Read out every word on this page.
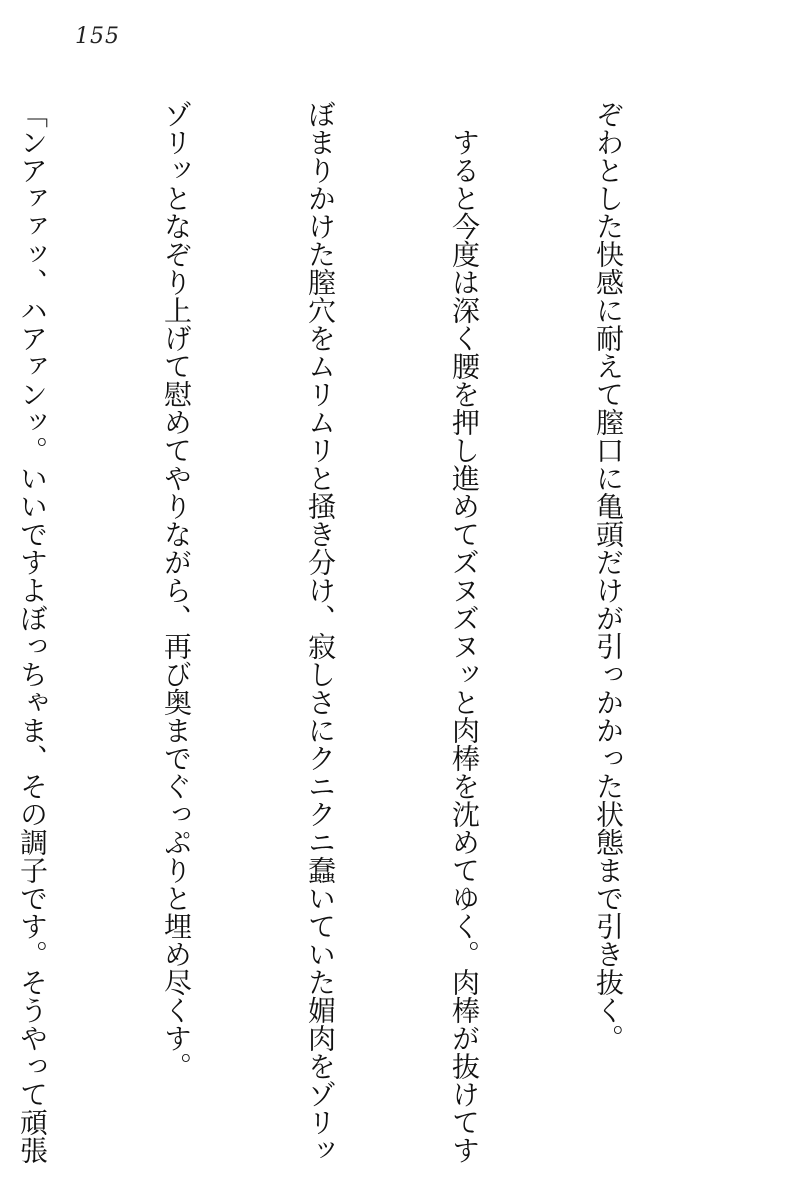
155

ぞわとした快感に耐えて膣口に亀頭だけが引っかかった状態まで引き抜く。

　すると今度は深く腰を押し進めてズヌズヌッと肉棒を沈めてゆく。肉棒が抜けてす

ぼまりかけた膣穴をムリムリと掻き分け、寂しさにクニクニ蠢いていた媚肉をゾリッ

ゾリッとなぞり上げて慰めてやりながら、再び奥までぐっぷりと埋め尽くす。

「ンアァァッ、ハアァンッ。いいですよぼっちゃま、その調子です。そうやって頑張
